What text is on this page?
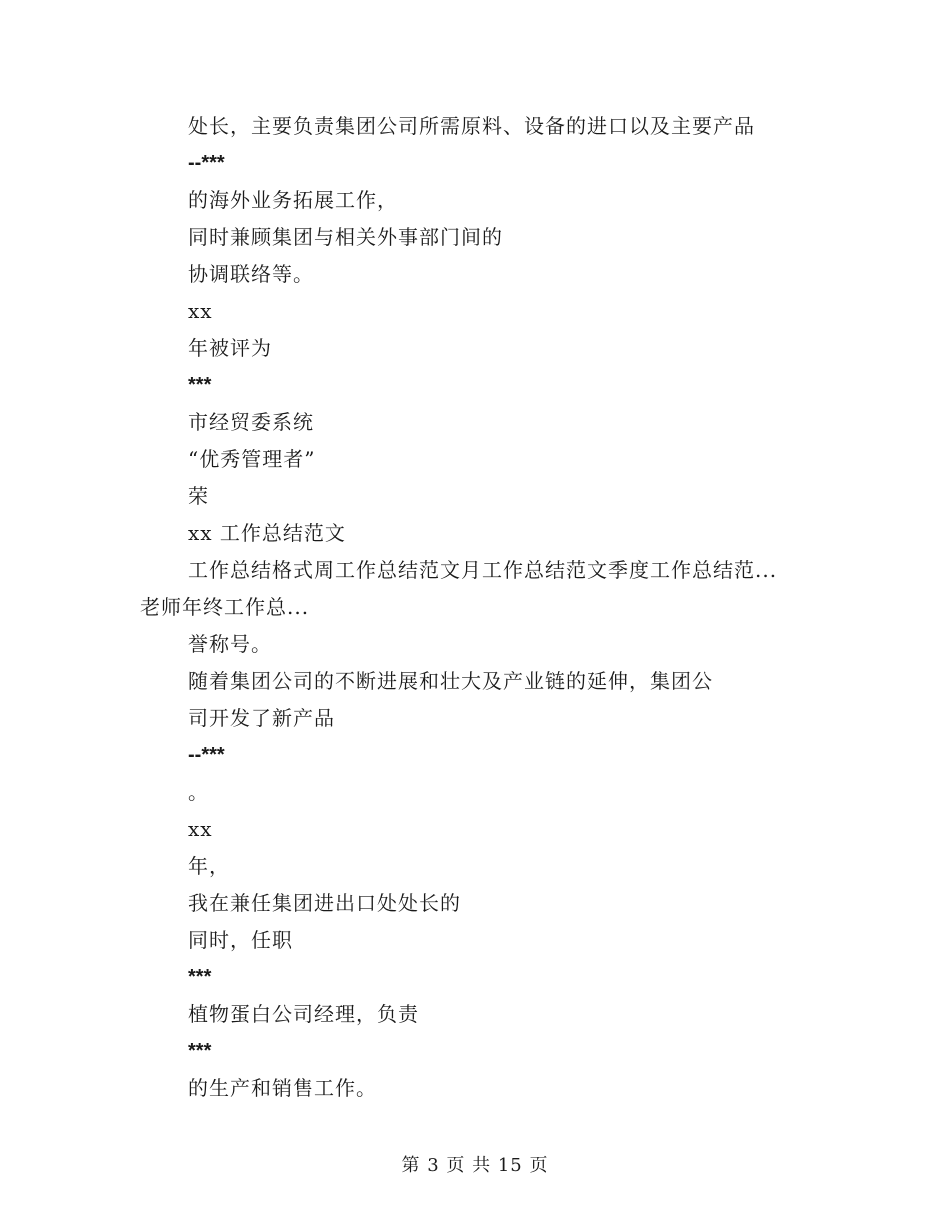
处长，主要负责集团公司所需原料、设备的进口以及主要产品

--***

的海外业务拓展工作，

同时兼顾集团与相关外事部门间的

协调联络等。

xx

年被评为

***

市经贸委系统

“优秀管理者”

荣

xx 工作总结范文

工作总结格式周工作总结范文月工作总结范文季度工作总结范...

老师年终工作总...

誉称号。

随着集团公司的不断进展和壮大及产业链的延伸，集团公

司开发了新产品

--***

。

xx

年，

我在兼任集团进出口处处长的

同时，任职

***

植物蛋白公司经理，负责

***

的生产和销售工作。

第 3 页 共 15 页
